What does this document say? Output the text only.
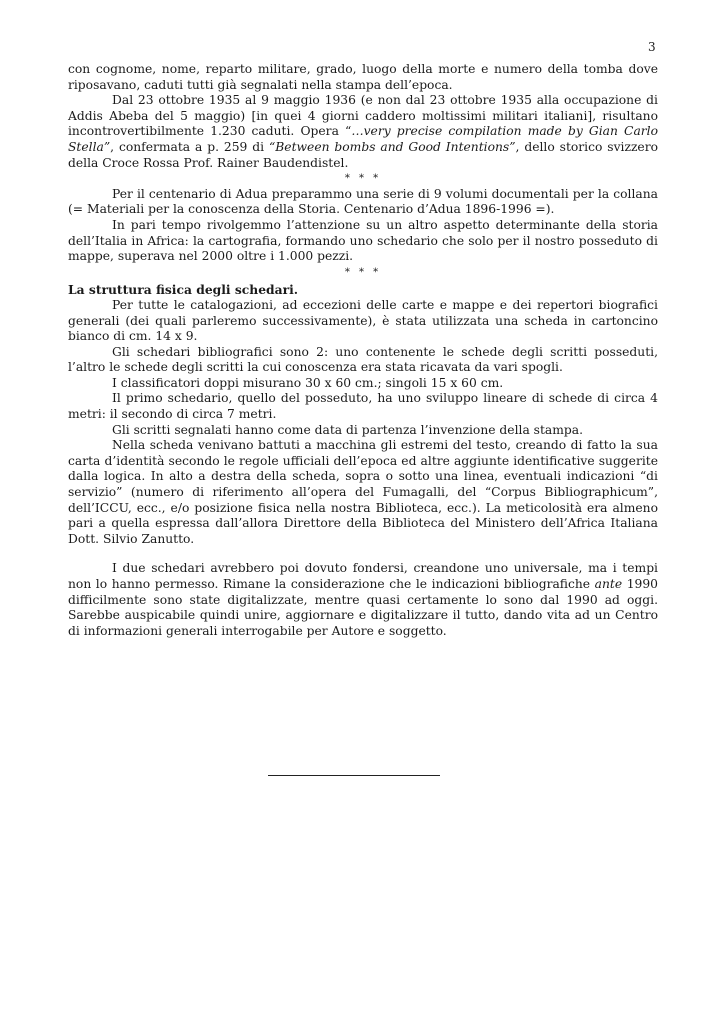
3

con cognome, nome, reparto militare, grado, luogo della morte e numero della tomba dove riposavano, caduti tutti già segnalati nella stampa dell’epoca.

Dal 23 ottobre 1935 al 9 maggio 1936 (e non dal 23 ottobre 1935 alla occupazione di Addis Abeba del 5 maggio) [in quei 4 giorni caddero moltissimi militari italiani], risultano incontrovertibilmente 1.230 caduti. Opera “…very precise compilation made by Gian Carlo Stella”, confermata a p. 259 di “Between bombs and Good Intentions”, dello storico svizzero della Croce Rossa Prof. Rainer Baudendistel.

* * *

Per il centenario di Adua preparammo una serie di 9 volumi documentali per la collana (= Materiali per la conoscenza della Storia. Centenario d’Adua 1896-1996 =).

In pari tempo rivolgemmo l’attenzione su un altro aspetto determinante della storia dell’Italia in Africa: la cartografia, formando uno schedario che solo per il nostro posseduto di mappe, superava nel 2000 oltre i 1.000 pezzi.

* * *
La struttura fisica degli schedari.

Per tutte le catalogazioni, ad eccezioni delle carte e mappe e dei repertori biografici generali (dei quali parleremo successivamente), è stata utilizzata una scheda in cartoncino bianco di cm. 14 x 9.

Gli schedari bibliografici sono 2: uno contenente le schede degli scritti posseduti, l’altro le schede degli scritti la cui conoscenza era stata ricavata da vari spogli.

I classificatori doppi misurano 30 x 60 cm.; singoli 15 x 60 cm.

Il primo schedario, quello del posseduto, ha uno sviluppo lineare di schede di circa 4 metri: il secondo di circa 7 metri.

Gli scritti segnalati hanno come data di partenza l’invenzione della stampa.

Nella scheda venivano battuti a macchina gli estremi del testo, creando di fatto la sua carta d’identità secondo le regole ufficiali dell’epoca ed altre aggiunte identificative suggerite dalla logica. In alto a destra della scheda, sopra o sotto una linea, eventuali indicazioni “di servizio” (numero di riferimento all’opera del Fumagalli, del “Corpus Bibliographicum”, dell’ICCU, ecc., e/o posizione fisica nella nostra Biblioteca, ecc.). La meticolosità era almeno pari a quella espressa dall’allora Direttore della Biblioteca del Ministero dell’Africa Italiana Dott. Silvio Zanutto.

I due schedari avrebbero poi dovuto fondersi, creandone uno universale, ma i tempi non lo hanno permesso. Rimane la considerazione che le indicazioni bibliografiche ante 1990 difficilmente sono state digitalizzate, mentre quasi certamente lo sono dal 1990 ad oggi. Sarebbe auspicabile quindi unire, aggiornare e digitalizzare il tutto, dando vita ad un Centro di informazioni generali interrogabile per Autore e soggetto.
